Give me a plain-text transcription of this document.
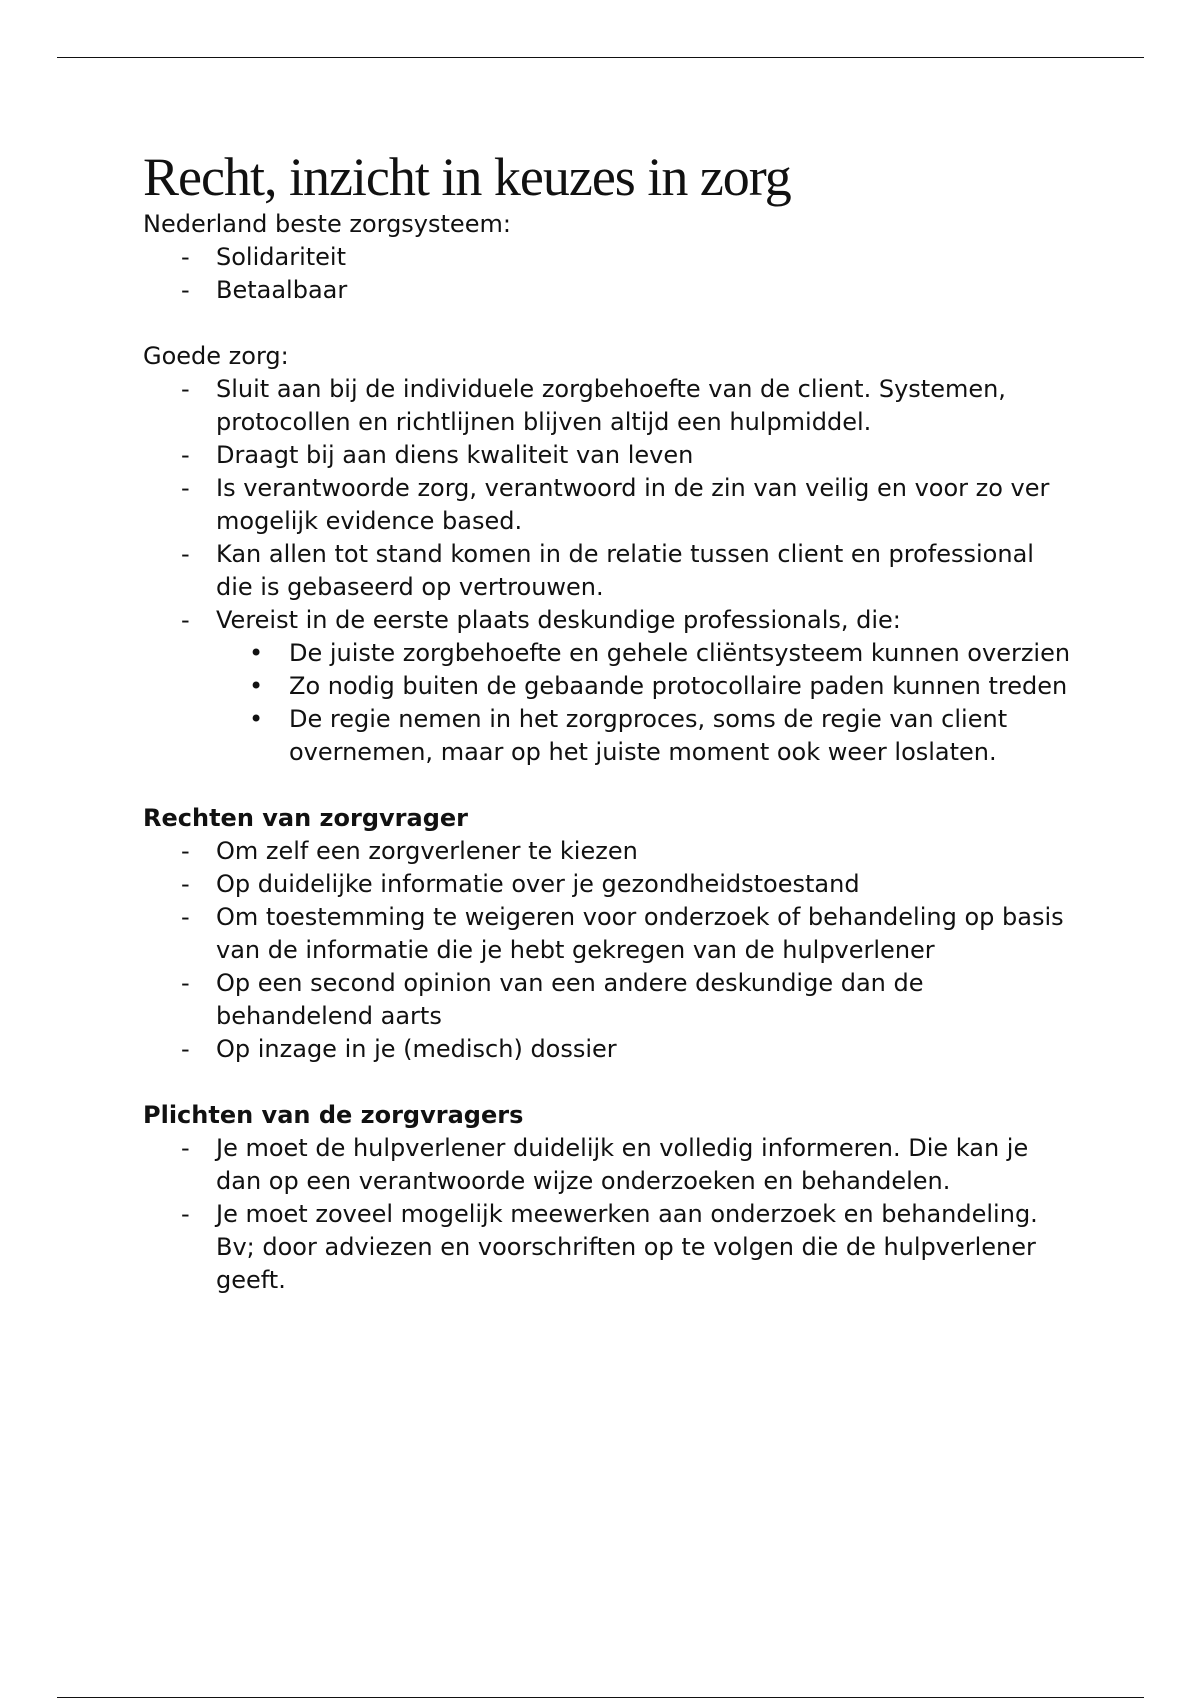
Recht, inzicht in keuzes in zorg

Nederland beste zorgsysteem:

- Solidariteit
- Betaalbaar

Goede zorg:

- Sluit aan bij de individuele zorgbehoefte van de client. Systemen, protocollen en richtlijnen blijven altijd een hulpmiddel.
- Draagt bij aan diens kwaliteit van leven
- Is verantwoorde zorg, verantwoord in de zin van veilig en voor zo ver mogelijk evidence based.
- Kan allen tot stand komen in de relatie tussen client en professional die is gebaseerd op vertrouwen.
- Vereist in de eerste plaats deskundige professionals, die:
• De juiste zorgbehoefte en gehele cliëntsysteem kunnen overzien
• Zo nodig buiten de gebaande protocollaire paden kunnen treden
• De regie nemen in het zorgproces, soms de regie van client overnemen, maar op het juiste moment ook weer loslaten.

Rechten van zorgvrager

- Om zelf een zorgverlener te kiezen
- Op duidelijke informatie over je gezondheidstoestand
- Om toestemming te weigeren voor onderzoek of behandeling op basis van de informatie die je hebt gekregen van de hulpverlener
- Op een second opinion van een andere deskundige dan de behandelend aarts
- Op inzage in je (medisch) dossier

Plichten van de zorgvragers

- Je moet de hulpverlener duidelijk en volledig informeren. Die kan je dan op een verantwoorde wijze onderzoeken en behandelen.
- Je moet zoveel mogelijk meewerken aan onderzoek en behandeling. Bv; door adviezen en voorschriften op te volgen die de hulpverlener geeft.
